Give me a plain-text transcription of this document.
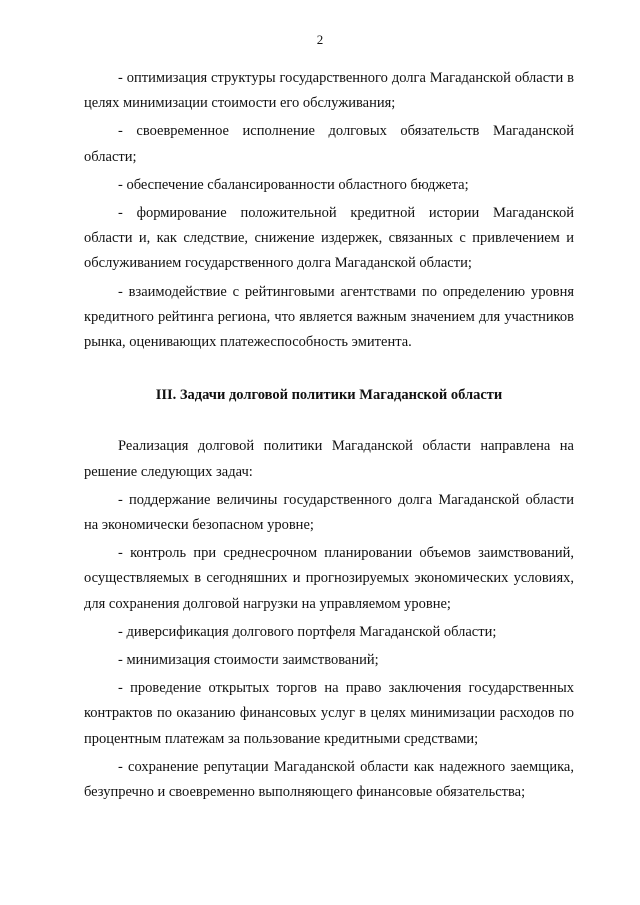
2

- оптимизация структуры государственного долга Магаданской области в целях минимизации стоимости его обслуживания;

- своевременное исполнение долговых обязательств Магаданской области;

- обеспечение сбалансированности областного бюджета;

- формирование положительной кредитной истории Магаданской области и, как следствие, снижение издержек, связанных с привлечением и обслуживанием государственного долга Магаданской области;

- взаимодействие с рейтинговыми агентствами по определению уровня кредитного рейтинга региона, что является важным значением для участников рынка, оценивающих платежеспособность эмитента.

III. Задачи долговой политики Магаданской области

Реализация долговой политики Магаданской области направлена на решение следующих задач:

- поддержание величины государственного долга Магаданской области на экономически безопасном уровне;

- контроль при среднесрочном планировании объемов заимствований, осуществляемых в сегодняшних и прогнозируемых экономических условиях, для сохранения долговой нагрузки на управляемом уровне;

- диверсификация долгового портфеля Магаданской области;

- минимизация стоимости заимствований;

- проведение открытых торгов на право заключения государственных контрактов по оказанию финансовых услуг в целях минимизации расходов по процентным платежам за пользование кредитными средствами;

- сохранение репутации Магаданской области как надежного заемщика, безупречно и своевременно выполняющего финансовые обязательства;
